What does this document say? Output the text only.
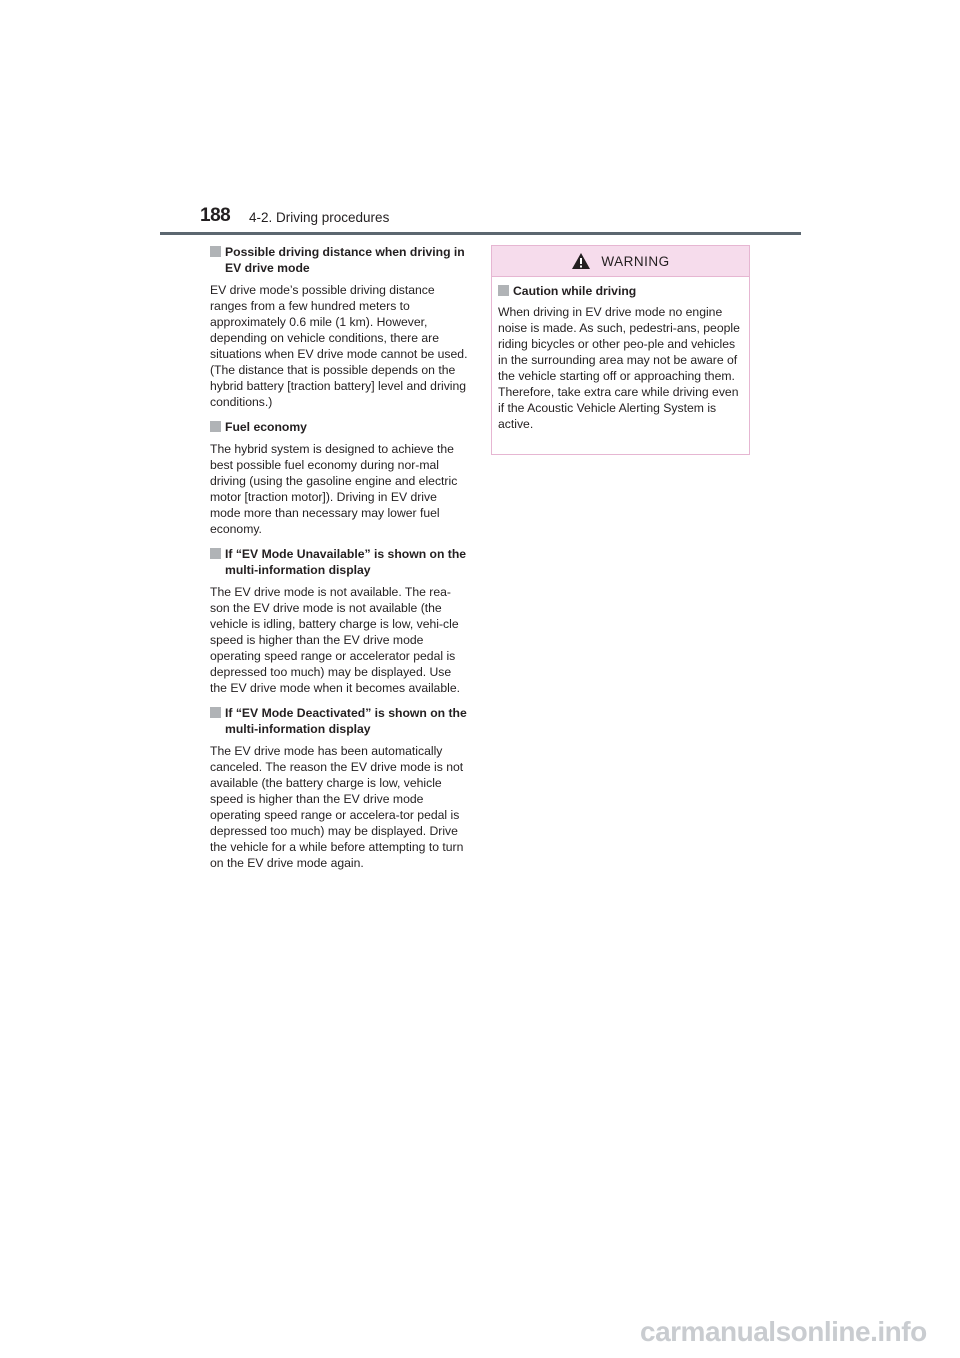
188 4-2. Driving procedures
Possible driving distance when driving in EV drive mode
EV drive mode’s possible driving distance ranges from a few hundred meters to approximately 0.6 mile (1 km). However, depending on vehicle conditions, there are situations when EV drive mode cannot be used.
(The distance that is possible depends on the hybrid battery [traction battery] level and driving conditions.)
Fuel economy
The hybrid system is designed to achieve the best possible fuel economy during nor-mal driving (using the gasoline engine and electric motor [traction motor]). Driving in EV drive mode more than necessary may lower fuel economy.
If “EV Mode Unavailable” is shown on the multi-information display
The EV drive mode is not available. The rea-son the EV drive mode is not available (the vehicle is idling, battery charge is low, vehi-cle speed is higher than the EV drive mode operating speed range or accelerator pedal is depressed too much) may be displayed. Use the EV drive mode when it becomes available.
If “EV Mode Deactivated” is shown on the multi-information display
The EV drive mode has been automatically canceled. The reason the EV drive mode is not available (the battery charge is low, vehicle speed is higher than the EV drive mode operating speed range or accelera-tor pedal is depressed too much) may be displayed. Drive the vehicle for a while before attempting to turn on the EV drive mode again.
WARNING
Caution while driving
When driving in EV drive mode no engine noise is made. As such, pedestri-ans, people riding bicycles or other peo-ple and vehicles in the surrounding area may not be aware of the vehicle starting off or approaching them. Therefore, take extra care while driving even if the Acoustic Vehicle Alerting System is active.
carmanualsonline.info
